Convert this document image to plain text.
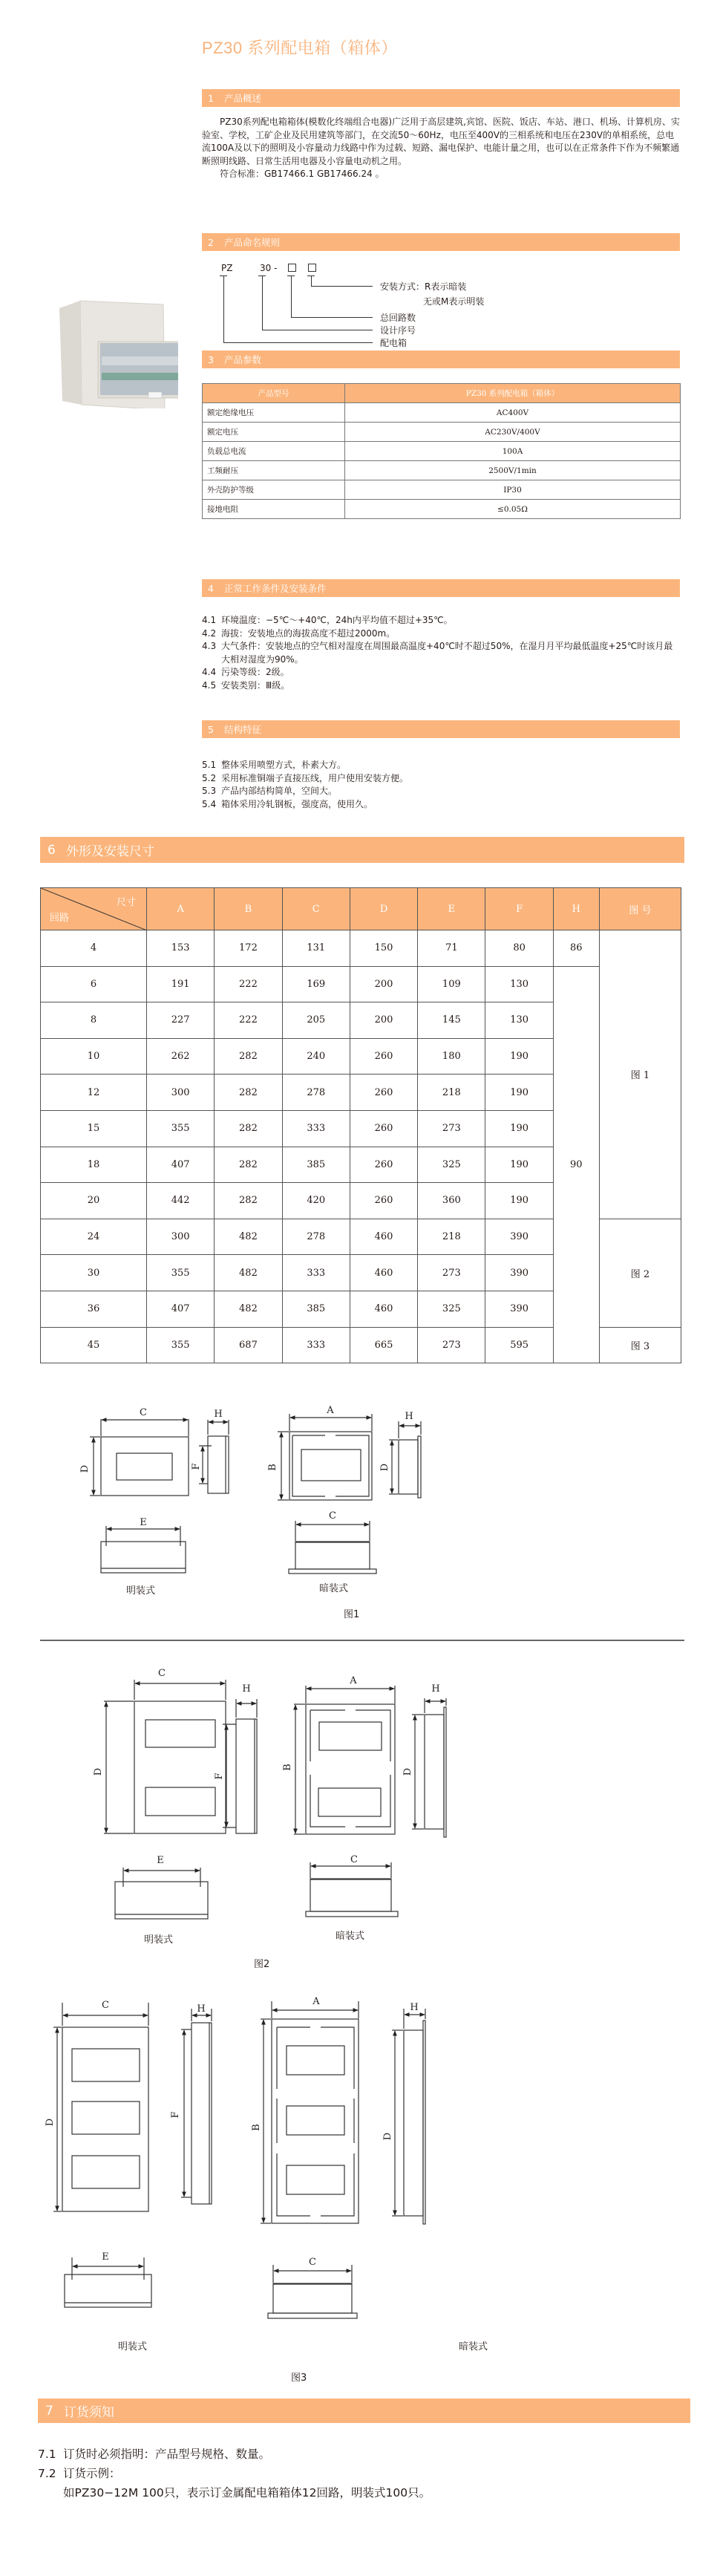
PZ30 系列配电箱（箱体）
1 产品概述

PZ30系列配电箱箱体(模数化终端组合电器)广泛用于高层建筑,宾馆、医院、饭店、车站、港口、机场、计算机房、实验室、学校，工矿企业及民用建筑等部门，在交流50～60Hz，电压至400V的三相系统和电压在230V的单相系统，总电流100A及以下的照明及小容量动力线路中作为过载、短路、漏电保护、电能计量之用，也可以在正常条件下作为不频繁通断照明线路、日常生活用电器及小容量电动机之用。

符合标准：GB17466.1 GB17466.24 。

2 产品命名规则
PZ	30 -
安装方式：R表示暗装
无或M表示明装
总回路数
设计序号
配电箱
3 产品参数
产品型号	PZ30 系列配电箱（箱体）
额定绝缘电压	AC400V
额定电压	AC230V/400V
负载总电流	100A
工频耐压	2500V/1min
外壳防护等级	IP30
接地电阻	≤0.05Ω
4 正常工作条件及安装条件
4.1 环境温度：−5℃～+40℃，24h内平均值不超过+35℃。
4.2 海拔：安装地点的海拔高度不超过2000m。
4.3 大气条件：安装地点的空气相对湿度在周围最高温度+40℃时不超过50%，在湿月月平均最低温度+25℃时该月最大相对湿度为90%。
4.4 污染等级：2级。
4.5 安装类别：Ⅲ级。
5 结构特征
5.1 整体采用喷塑方式，朴素大方。
5.2 采用标准铜端子直接压线，用户使用安装方便。
5.3 产品内部结构简单，空间大。
5.4 箱体采用冷轧钢板，强度高，使用久。
6 外形及安装尺寸
尺寸
回路	A	B	C	D	E	F	H	图 号
4	153	172	131	150	71	80	86	图 1
6	191	222	169	200	109	130	90	
8	227	222	205	200	145	130		
10	262	282	240	260	180	190		
12	300	282	278	260	218	190		
15	355	282	333	260	273	190		
18	407	282	385	260	325	190		
20	442	282	420	260	360	190		
24	300	482	278	460	218	390		图 2
30	355	482	333	460	273	390		
36	407	482	385	460	325	390		
45	355	687	333	665	273	595		图 3
C	H
D	F
E
A
B
H
D
C
明装式	暗装式
图1
C
H
D
F
E
A
B
H
D
C
明装式	暗装式
图2
C	H
D
F
E
A
B
H
D
C
明装式	暗装式
图3
7 订货须知
7.1 订货时必须指明：产品型号规格、数量。
7.2 订货示例：
如PZ30−12M 100只，表示订金属配电箱箱体12回路，明装式100只。
